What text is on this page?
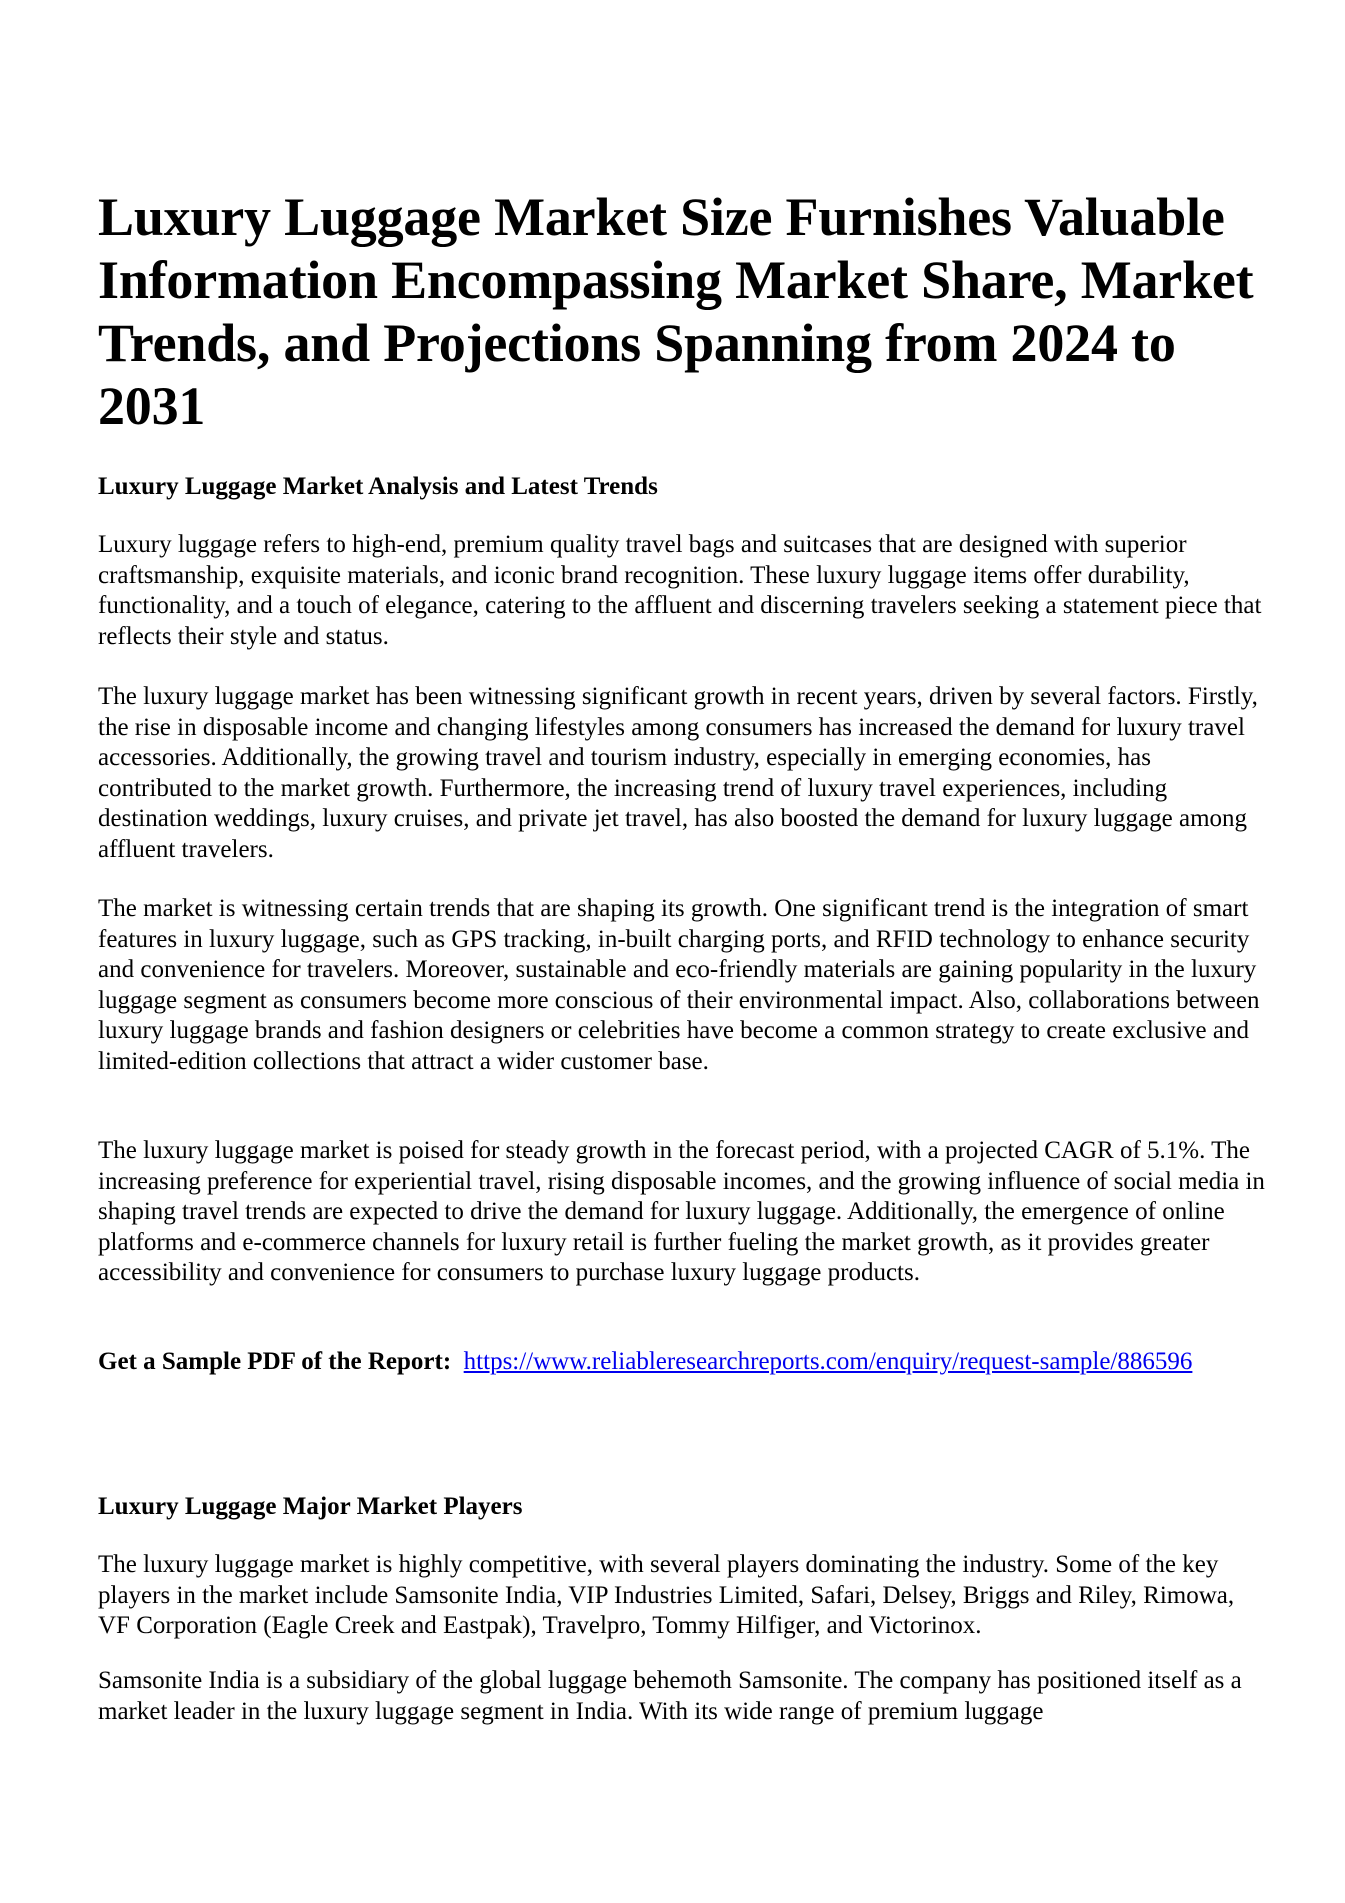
Luxury Luggage Market Size Furnishes Valuable Information Encompassing Market Share, Market Trends, and Projections Spanning from 2024 to 2031
Luxury Luggage Market Analysis and Latest Trends

Luxury luggage refers to high-end, premium quality travel bags and suitcases that are designed with superior craftsmanship, exquisite materials, and iconic brand recognition. These luxury luggage items offer durability, functionality, and a touch of elegance, catering to the affluent and discerning travelers seeking a statement piece that reflects their style and status.

The luxury luggage market has been witnessing significant growth in recent years, driven by several factors. Firstly, the rise in disposable income and changing lifestyles among consumers has increased the demand for luxury travel accessories. Additionally, the growing travel and tourism industry, especially in emerging economies, has contributed to the market growth. Furthermore, the increasing trend of luxury travel experiences, including destination weddings, luxury cruises, and private jet travel, has also boosted the demand for luxury luggage among affluent travelers.

The market is witnessing certain trends that are shaping its growth. One significant trend is the integration of smart features in luxury luggage, such as GPS tracking, in-built charging ports, and RFID technology to enhance security and convenience for travelers. Moreover, sustainable and eco-friendly materials are gaining popularity in the luxury luggage segment as consumers become more conscious of their environmental impact. Also, collaborations between luxury luggage brands and fashion designers or celebrities have become a common strategy to create exclusive and limited-edition collections that attract a wider customer base.

The luxury luggage market is poised for steady growth in the forecast period, with a projected CAGR of 5.1%. The increasing preference for experiential travel, rising disposable incomes, and the growing influence of social media in shaping travel trends are expected to drive the demand for luxury luggage. Additionally, the emergence of online platforms and e-commerce channels for luxury retail is further fueling the market growth, as it provides greater accessibility and convenience for consumers to purchase luxury luggage products.

Get a Sample PDF of the Report: https://www.reliableresearchreports.com/enquiry/request-sample/886596

Luxury Luggage Major Market Players

The luxury luggage market is highly competitive, with several players dominating the industry. Some of the key players in the market include Samsonite India, VIP Industries Limited, Safari, Delsey, Briggs and Riley, Rimowa, VF Corporation (Eagle Creek and Eastpak), Travelpro, Tommy Hilfiger, and Victorinox.

Samsonite India is a subsidiary of the global luggage behemoth Samsonite. The company has positioned itself as a market leader in the luxury luggage segment in India. With its wide range of premium luggage
